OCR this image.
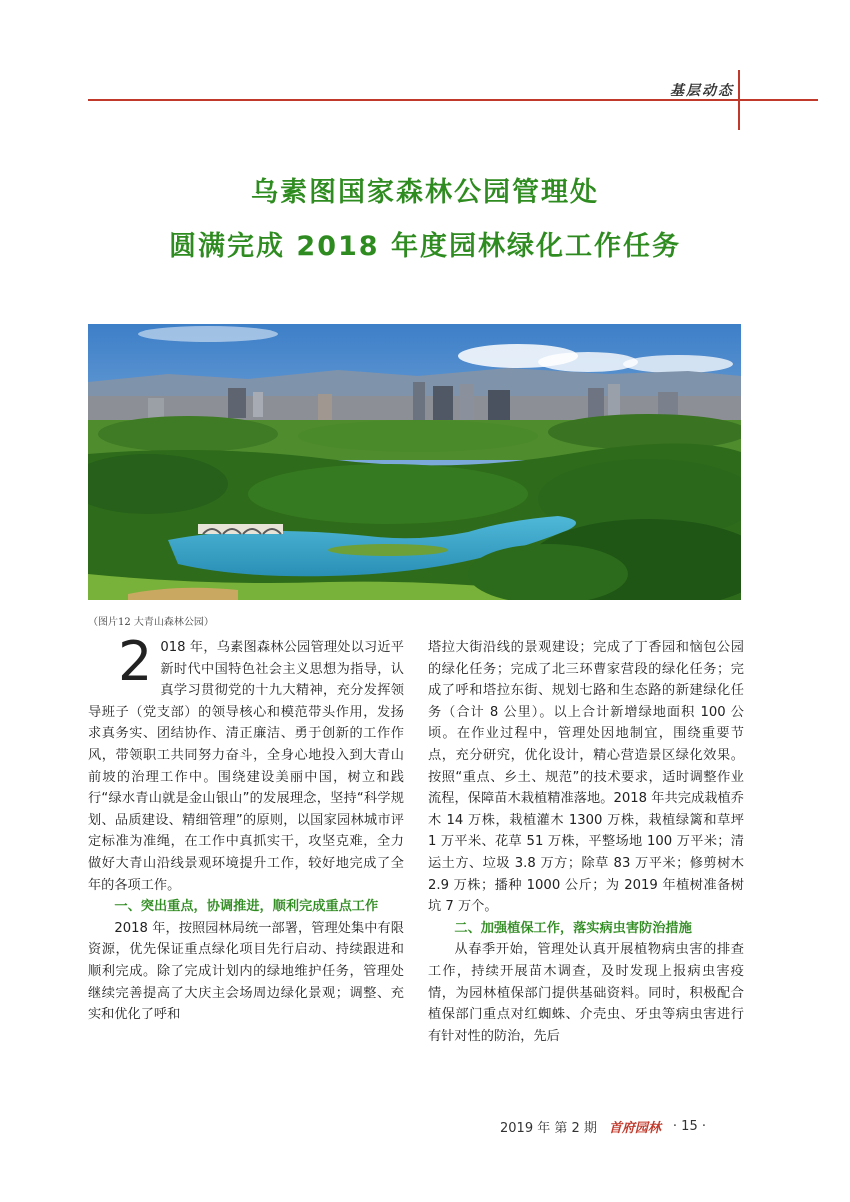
基层动态
乌素图国家森林公园管理处
圆满完成 2018 年度园林绿化工作任务
（图片12 大青山森林公园）

2 018 年，乌素图森林公园管理处以习近平新时代中国特色社会主义思想为指导，认真学习贯彻党的十九大精神，充分发挥领导班子（党支部）的领导核心和模范带头作用，发扬求真务实、团结协作、清正廉洁、勇于创新的工作作风，带领职工共同努力奋斗，全身心地投入到大青山前坡的治理工作中。围绕建设美丽中国，树立和践行“绿水青山就是金山银山”的发展理念，坚持“科学规划、品质建设、精细管理”的原则，以国家园林城市评定标准为准绳，在工作中真抓实干，攻坚克难，全力做好大青山沿线景观环境提升工作，较好地完成了全年的各项工作。

一、突出重点，协调推进，顺利完成重点工作

2018 年，按照园林局统一部署，管理处集中有限资源，优先保证重点绿化项目先行启动、持续跟进和顺利完成。除了完成计划内的绿地维护任务，管理处继续完善提高了大庆主会场周边绿化景观；调整、充实和优化了呼和

塔拉大街沿线的景观建设；完成了丁香园和恼包公园的绿化任务；完成了北三环曹家营段的绿化任务；完成了呼和塔拉东街、规划七路和生态路的新建绿化任务（合计 8 公里）。以上合计新增绿地面积 100 公顷。在作业过程中，管理处因地制宜，围绕重要节点，充分研究，优化设计，精心营造景区绿化效果。按照“重点、乡土、规范”的技术要求，适时调整作业流程，保障苗木栽植精准落地。2018 年共完成栽植乔木 14 万株，栽植灌木 1300 万株，栽植绿篱和草坪 1 万平米、花草 51 万株，平整场地 100 万平米；清运土方、垃圾 3.8 万方；除草 83 万平米；修剪树木 2.9 万株；播种 1000 公斤；为 2019 年植树准备树坑 7 万个。

二、加强植保工作，落实病虫害防治措施

从春季开始，管理处认真开展植物病虫害的排查工作，持续开展苗木调查，及时发现上报病虫害疫情，为园林植保部门提供基础资料。同时，积极配合植保部门重点对红蜘蛛、介壳虫、牙虫等病虫害进行有针对性的防治，先后

2019 年 第 2 期 首府园林 · 15 ·
